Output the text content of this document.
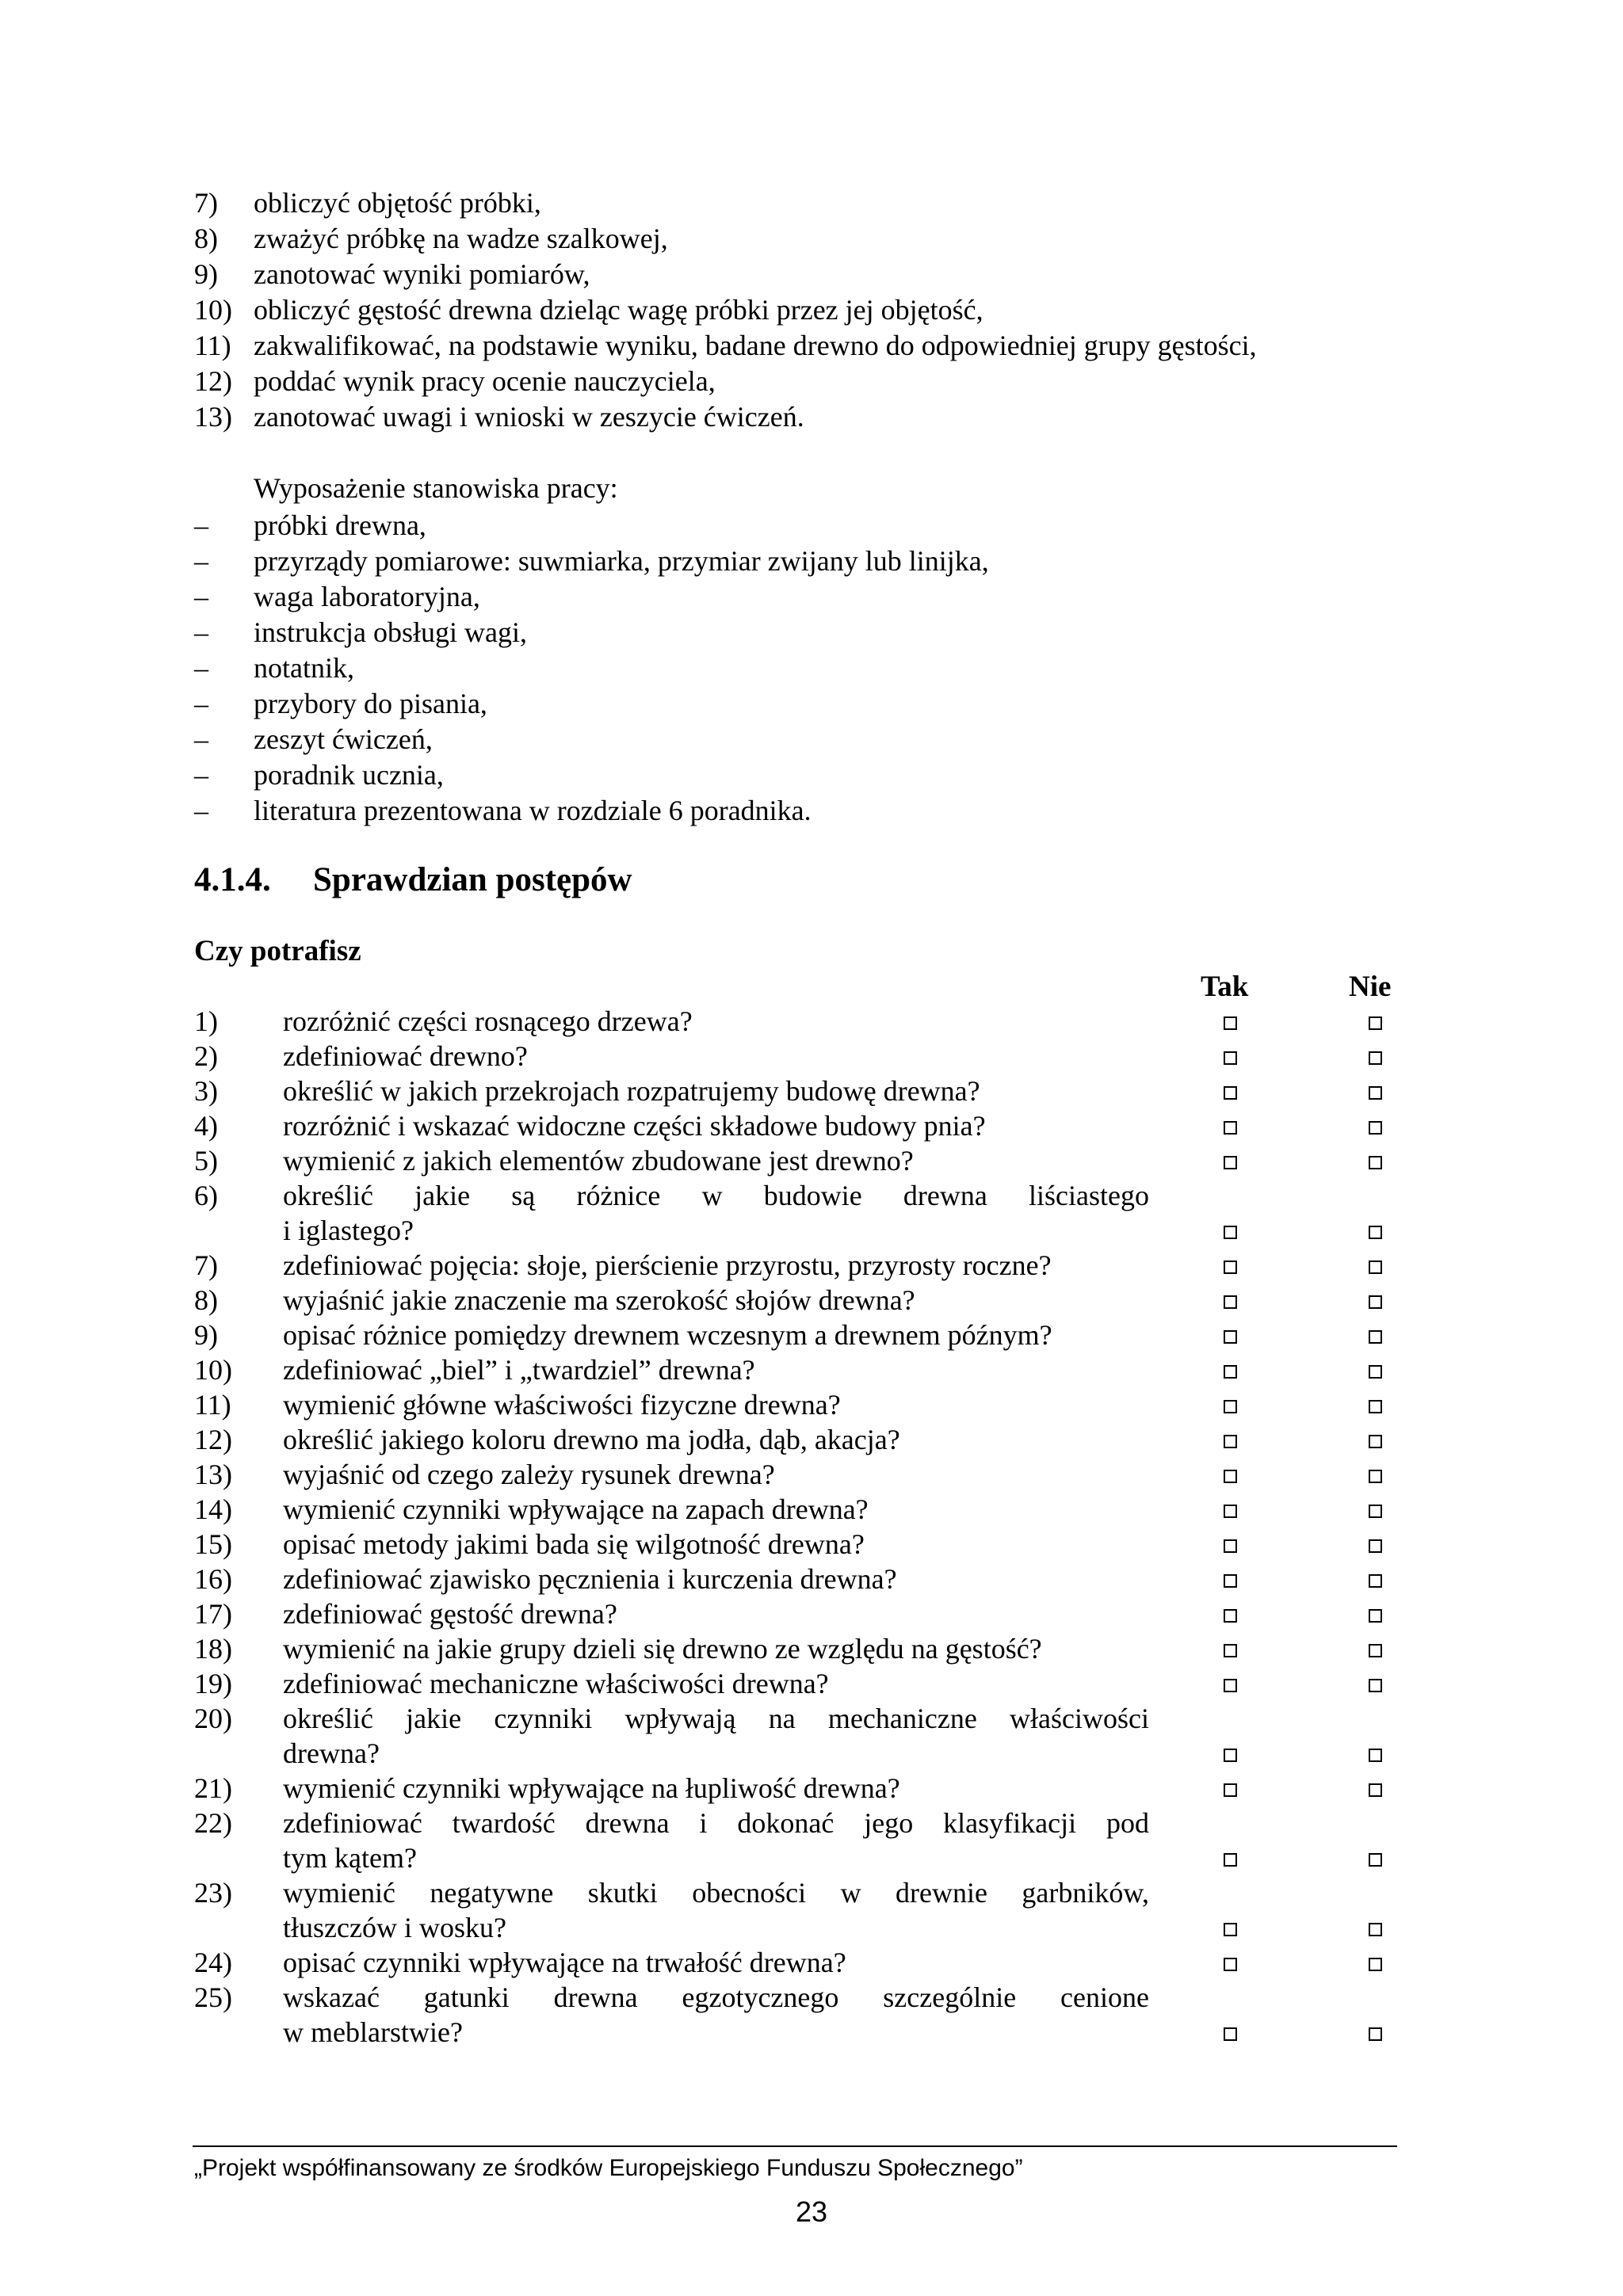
7)	obliczyć objętość próbki,
8)	zważyć próbkę na wadze szalkowej,
9)	zanotować wyniki pomiarów,
10) obliczyć gęstość drewna dzieląc wagę próbki przez jej objętość,
11) zakwalifikować, na podstawie wyniku, badane drewno do odpowiedniej grupy gęstości,
12) poddać wynik pracy ocenie nauczyciela,
13) zanotować uwagi i wnioski w zeszycie ćwiczeń.
Wyposażenie stanowiska pracy:
–	próbki drewna,
–	przyrządy pomiarowe: suwmiarka, przymiar zwijany lub linijka,
–	waga laboratoryjna,
–	instrukcja obsługi wagi,
–	notatnik,
–	przybory do pisania,
–	zeszyt ćwiczeń,
–	poradnik ucznia,
–	literatura prezentowana w rozdziale 6 poradnika.
4.1.4. Sprawdzian postępów
Czy potrafisz
Tak	Nie
1)	rozróżnić części rosnącego drzewa?
2)	zdefiniować drewno?
3)	określić w jakich przekrojach rozpatrujemy budowę drewna?
4)	rozróżnić i wskazać widoczne części składowe budowy pnia?
5)	wymienić z jakich elementów zbudowane jest drewno?
6)	określić jakie są różnice w budowie drewna liściastego
i iglastego?
7)	zdefiniować pojęcia: słoje, pierścienie przyrostu, przyrosty roczne?
8)	wyjaśnić jakie znaczenie ma szerokość słojów drewna?
9)	opisać różnice pomiędzy drewnem wczesnym a drewnem późnym?
10)	zdefiniować „biel” i „twardziel” drewna?
11)	wymienić główne właściwości fizyczne drewna?
12)	określić jakiego koloru drewno ma jodła, dąb, akacja?
13)	wyjaśnić od czego zależy rysunek drewna?
14)	wymienić czynniki wpływające na zapach drewna?
15)	opisać metody jakimi bada się wilgotność drewna?
16)	zdefiniować zjawisko pęcznienia i kurczenia drewna?
17)	zdefiniować gęstość drewna?
18)	wymienić na jakie grupy dzieli się drewno ze względu na gęstość?
19)	zdefiniować mechaniczne właściwości drewna?
20)	określić jakie czynniki wpływają na mechaniczne właściwości
drewna?
21)	wymienić czynniki wpływające na łupliwość drewna?
22)	zdefiniować twardość drewna i dokonać jego klasyfikacji pod
tym kątem?
23)	wymienić negatywne skutki obecności w drewnie garbników,
tłuszczów i wosku?
24)	opisać czynniki wpływające na trwałość drewna?
25)	wskazać gatunki drewna egzotycznego szczególnie cenione
w meblarstwie?
„Projekt współfinansowany ze środków Europejskiego Funduszu Społecznego”
23
